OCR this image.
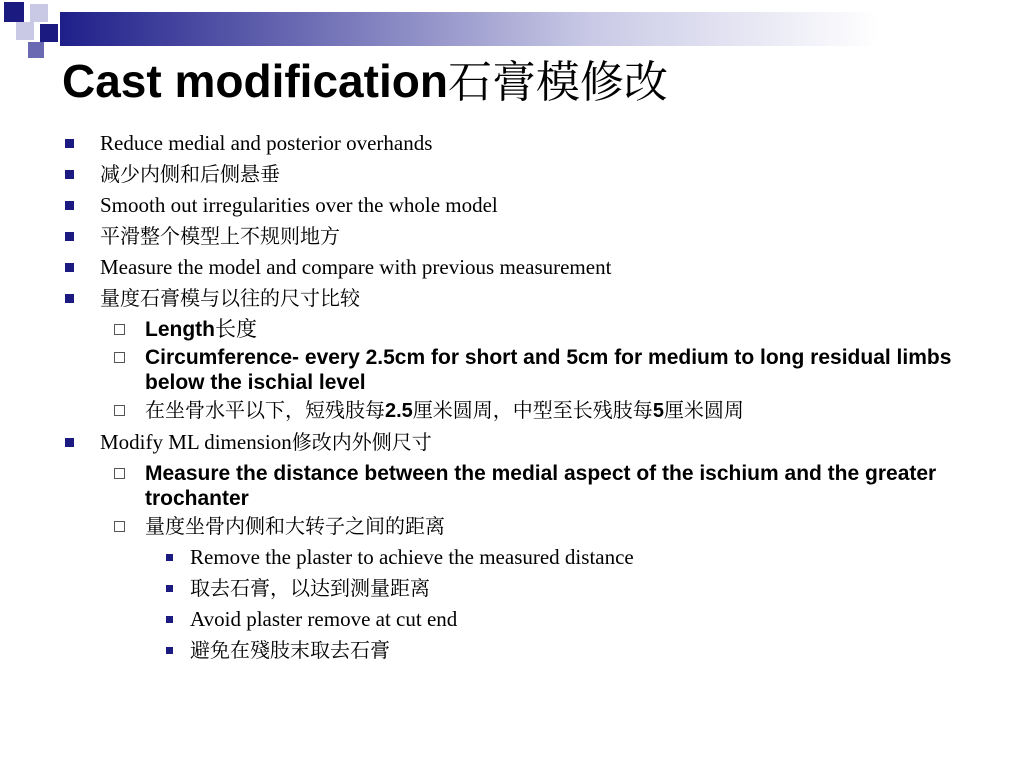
Cast modification石膏模修改
Reduce medial and posterior overhands
减少内侧和后侧悬垂
Smooth out irregularities over the whole model
平滑整个模型上不规则地方
Measure the model and compare with previous measurement
量度石膏模与以往的尺寸比较
Length长度
Circumference- every 2.5cm for short and 5cm for medium to long residual limbs below the ischial level
在坐骨水平以下，短残肢每2.5厘米圆周，中型至长残肢每5厘米圆周
Modify ML dimension修改内外侧尺寸
Measure the distance between the medial aspect of the ischium and the greater trochanter
量度坐骨内侧和大转子之间的距离
Remove the plaster to achieve the measured distance
取去石膏，以达到测量距离
Avoid plaster remove at cut end
避免在殘肢末取去石膏
